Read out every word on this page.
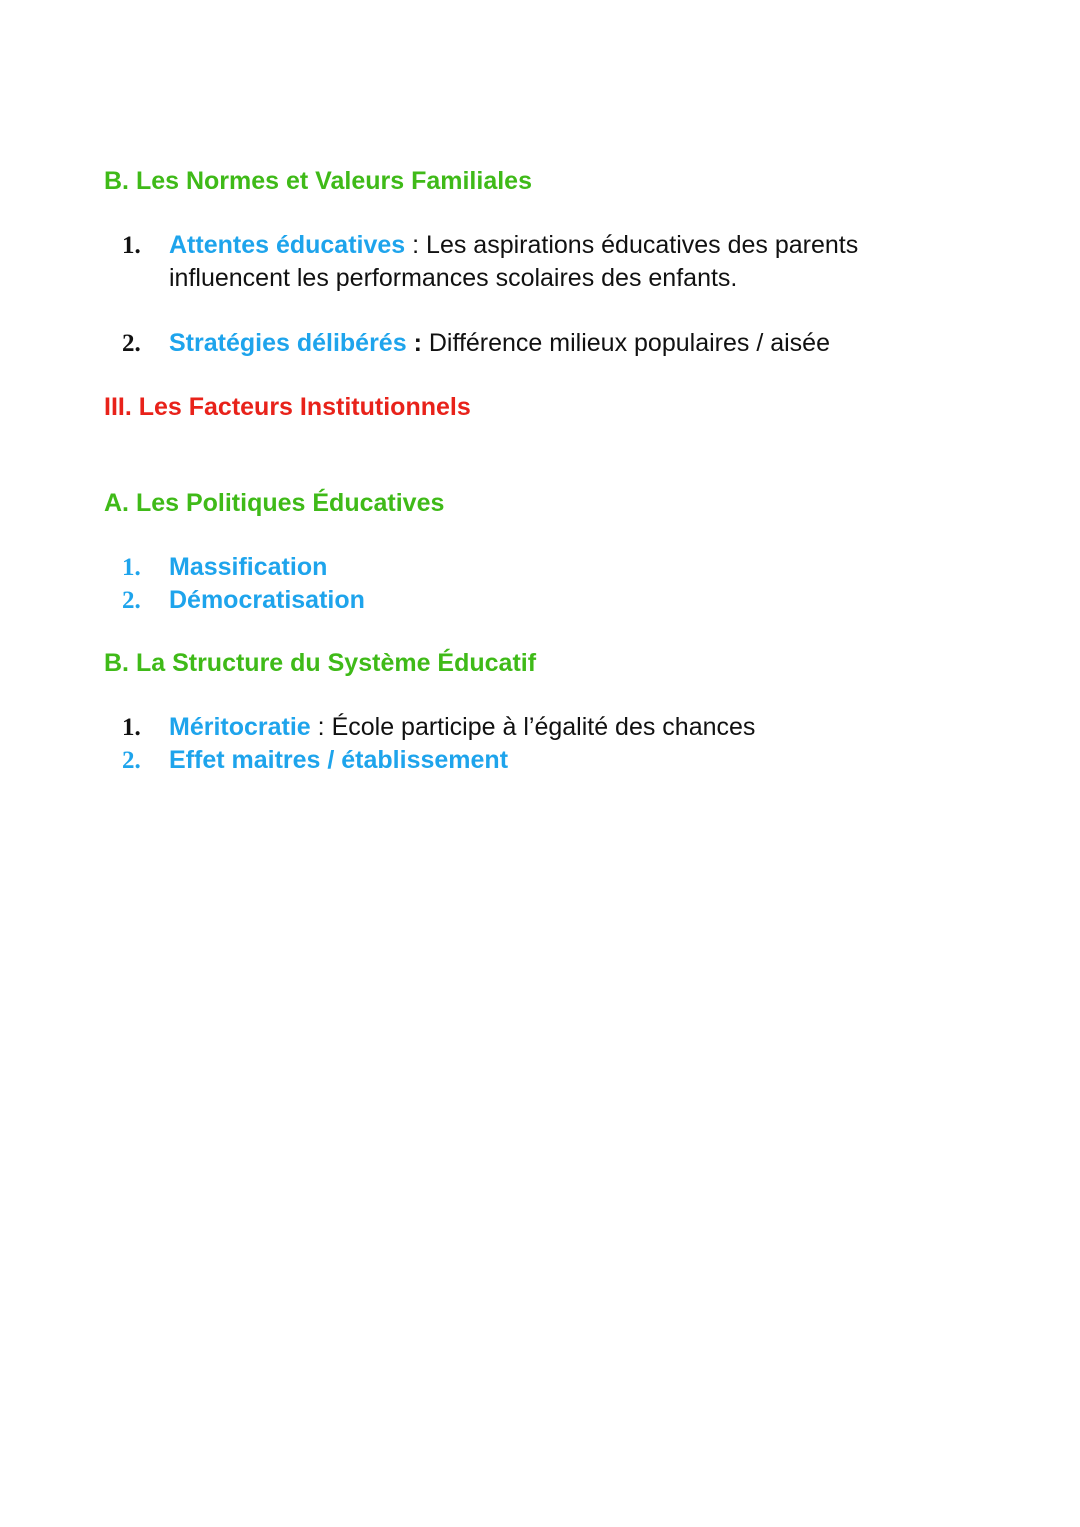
B. Les Normes et Valeurs Familiales
1. Attentes éducatives : Les aspirations éducatives des parents influencent les performances scolaires des enfants.
2. Stratégies délibérés : Différence milieux populaires / aisée
III. Les Facteurs Institutionnels
A. Les Politiques Éducatives
1. Massification
2. Démocratisation
B. La Structure du Système Éducatif
1. Méritocratie : École participe à l’égalité des chances
2. Effet maitres / établissement
